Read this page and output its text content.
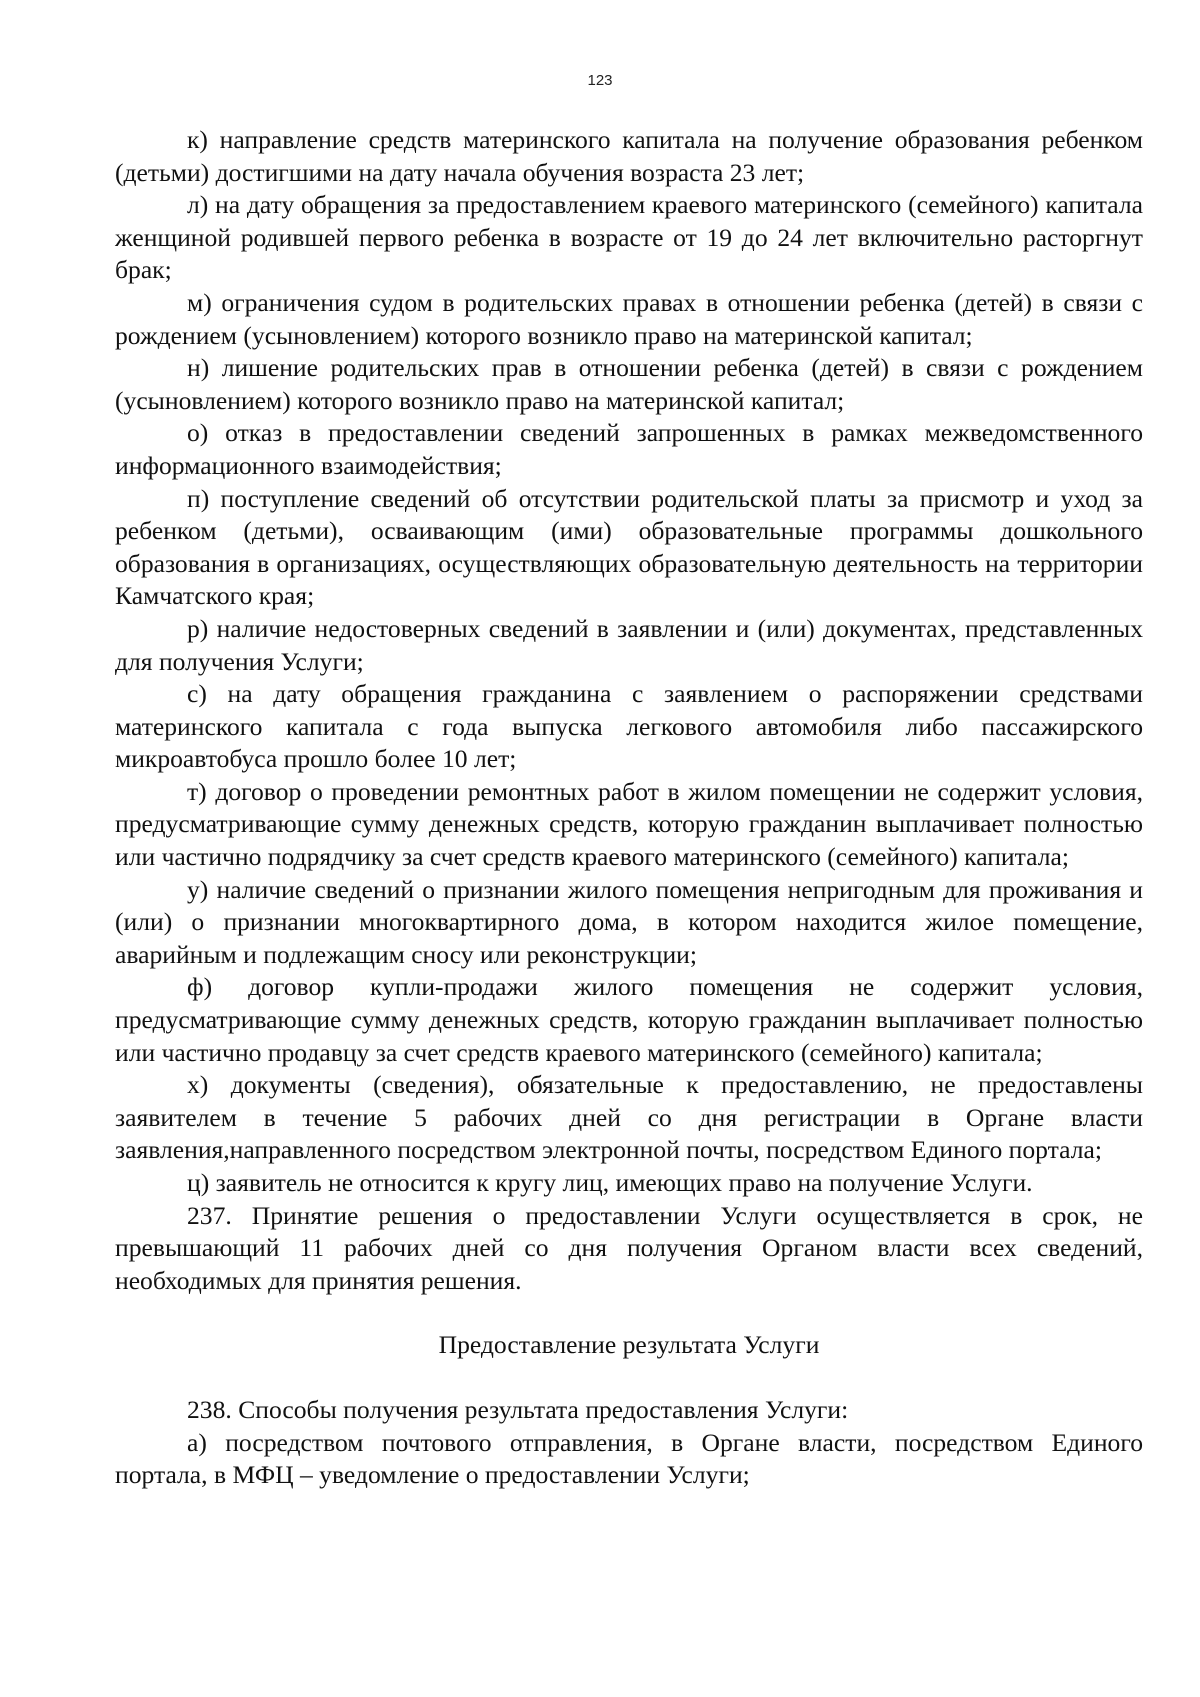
123

к) направление средств материнского капитала на получение образования ребенком (детьми) достигшими на дату начала обучения возраста 23 лет;

л) на дату обращения за предоставлением краевого материнского (семейного) капитала женщиной родившей первого ребенка в возрасте от 19 до 24 лет включительно расторгнут брак;

м) ограничения судом в родительских правах в отношении ребенка (детей) в связи с рождением (усыновлением) которого возникло право на материнской капитал;

н) лишение родительских прав в отношении ребенка (детей) в связи с рождением (усыновлением) которого возникло право на материнской капитал;

о) отказ в предоставлении сведений запрошенных в рамках межведомственного информационного взаимодействия;

п) поступление сведений об отсутствии родительской платы за присмотр и уход за ребенком (детьми), осваивающим (ими) образовательные программы дошкольного образования в организациях, осуществляющих образовательную деятельность на территории Камчатского края;

р) наличие недостоверных сведений в заявлении и (или) документах, представленных для получения Услуги;

с) на дату обращения гражданина с заявлением о распоряжении средствами материнского капитала с года выпуска легкового автомобиля либо пассажирского микроавтобуса прошло более 10 лет;

т) договор о проведении ремонтных работ в жилом помещении не содержит условия, предусматривающие сумму денежных средств, которую гражданин выплачивает полностью или частично подрядчику за счет средств краевого материнского (семейного) капитала;

у) наличие сведений о признании жилого помещения непригодным для проживания и (или) о признании многоквартирного дома, в котором находится жилое помещение, аварийным и подлежащим сносу или реконструкции;

ф) договор купли-продажи жилого помещения не содержит условия, предусматривающие сумму денежных средств, которую гражданин выплачивает полностью или частично продавцу за счет средств краевого материнского (семейного) капитала;

х) документы (сведения), обязательные к предоставлению, не предоставлены заявителем в течение 5 рабочих дней со дня регистрации в Органе власти заявления,направленного посредством электронной почты, посредством Единого портала;

ц) заявитель не относится к кругу лиц, имеющих право на получение Услуги.

237. Принятие решения о предоставлении Услуги осуществляется в срок, не превышающий 11 рабочих дней со дня получения Органом власти всех сведений, необходимых для принятия решения.

Предоставление результата Услуги

238. Способы получения результата предоставления Услуги:

а) посредством почтового отправления, в Органе власти, посредством Единого портала, в МФЦ – уведомление о предоставлении Услуги;
